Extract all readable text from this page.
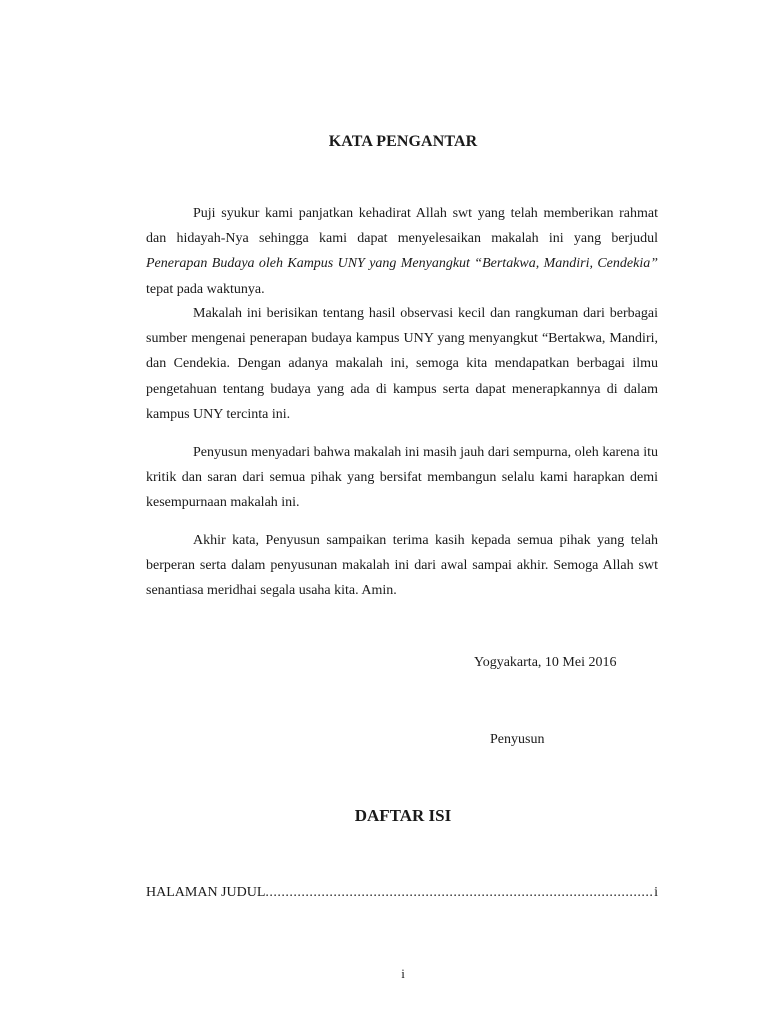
KATA PENGANTAR

Puji syukur kami panjatkan kehadirat Allah swt yang telah memberikan rahmat dan hidayah-Nya sehingga kami dapat menyelesaikan makalah ini yang berjudul Penerapan Budaya oleh Kampus UNY yang Menyangkut “Bertakwa, Mandiri, Cendekia” tepat pada waktunya.

Makalah ini berisikan tentang hasil observasi kecil dan rangkuman dari berbagai sumber mengenai penerapan budaya kampus UNY yang menyangkut “Bertakwa, Mandiri, dan Cendekia. Dengan adanya makalah ini, semoga kita mendapatkan berbagai ilmu pengetahuan tentang budaya yang ada di kampus serta dapat menerapkannya di dalam kampus UNY tercinta ini.

Penyusun menyadari bahwa makalah ini masih jauh dari sempurna, oleh karena itu kritik dan saran dari semua pihak yang bersifat membangun selalu kami harapkan demi kesempurnaan makalah ini.

Akhir kata, Penyusun sampaikan terima kasih kepada semua pihak yang telah berperan serta dalam penyusunan makalah ini dari awal sampai akhir. Semoga Allah swt senantiasa meridhai segala usaha kita. Amin.

Yogyakarta, 10 Mei 2016

Penyusun

DAFTAR ISI
HALAMAN JUDUL
.....	i

i
